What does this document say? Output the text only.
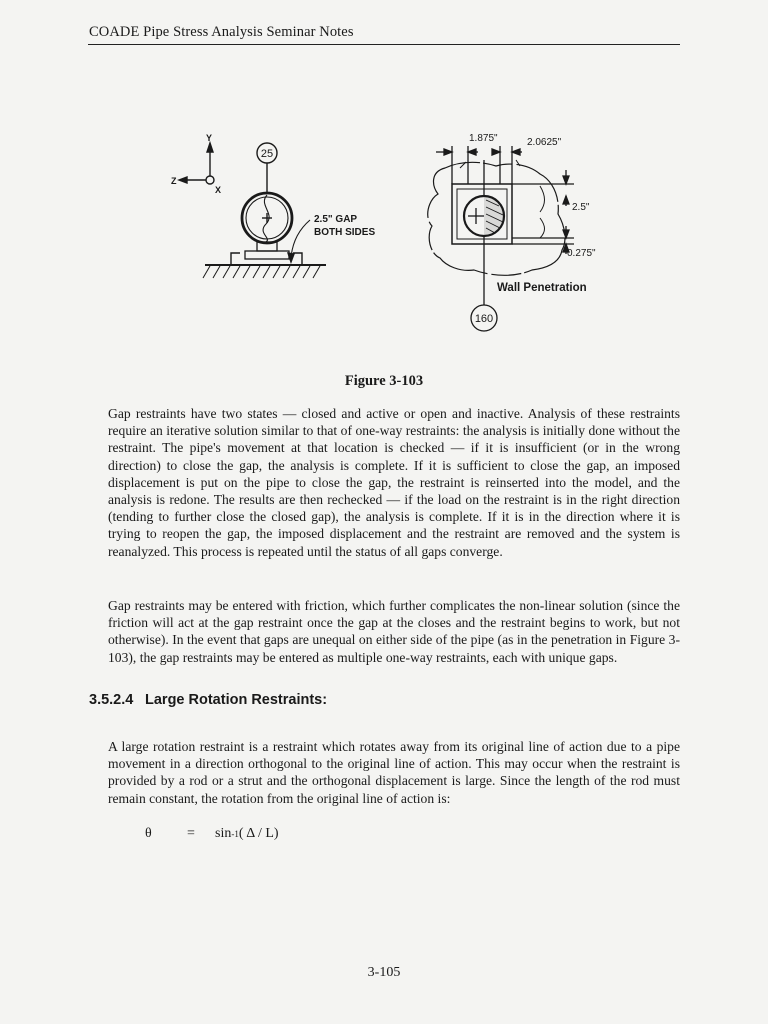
COADE Pipe Stress Analysis Seminar Notes
Y
Z
X
25
2.5" GAP
BOTH SIDES
1.875"	2.0625"
2.5"
0.275"
Wall Penetration
160
Figure 3-103

Gap restraints have two states — closed and active or open and inactive. Analysis of these restraints require an iterative solution similar to that of one-way restraints: the analysis is initially done without the restraint. The pipe's movement at that location is checked — if it is insufficient (or in the wrong direction) to close the gap, the analysis is complete. If it is sufficient to close the gap, an imposed displacement is put on the pipe to close the gap, the restraint is reinserted into the model, and the analysis is redone. The results are then rechecked — if the load on the restraint is in the right direction (tending to further close the closed gap), the analysis is complete. If it is in the direction where it is trying to reopen the gap, the imposed displacement and the restraint are removed and the system is reanalyzed. This process is repeated until the status of all gaps converge.

Gap restraints may be entered with friction, which further complicates the non-linear solution (since the friction will act at the gap restraint once the gap at the closes and the restraint begins to work, but not otherwise). In the event that gaps are unequal on either side of the pipe (as in the penetration in Figure 3-103), the gap restraints may be entered as multiple one-way restraints, each with unique gaps.

3.5.2.4 Large Rotation Restraints:

A large rotation restraint is a restraint which rotates away from its original line of action due to a pipe movement in a direction orthogonal to the original line of action. This may occur when the restraint is provided by a rod or a strut and the orthogonal displacement is large. Since the length of the rod must remain constant, the rotation from the original line of action is:

θ	=	sin -1 ( Δ / L)
3-105
